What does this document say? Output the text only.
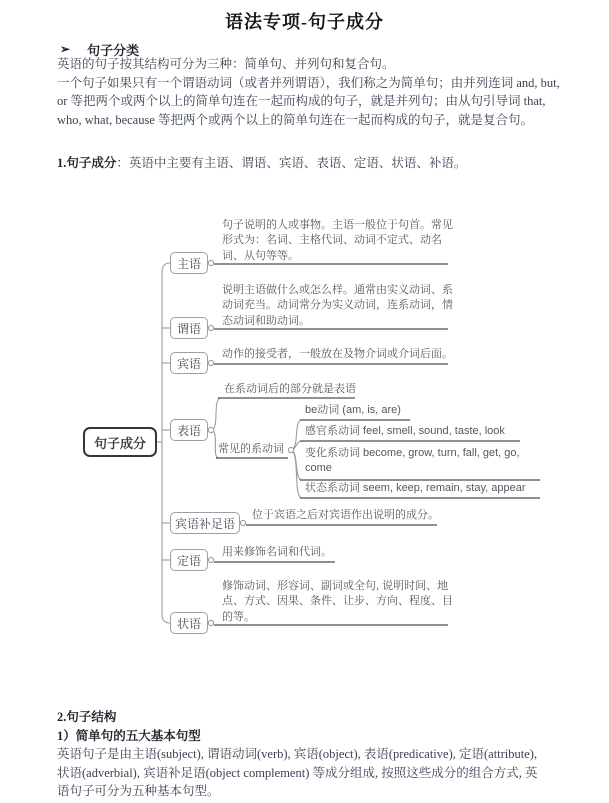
语法专项-句子成分
➢ 句子分类
英语的句子按其结构可分为三种：简单句、并列句和复合句。
一个句子如果只有一个谓语动词（或者并列谓语），我们称之为简单句；由并列连词 and, but,
or 等把两个或两个以上的简单句连在一起而构成的句子，就是并列句；由从句引导词 that,
who, what, because 等把两个或两个以上的简单句连在一起而构成的句子，就是复合句。
1.句子成分：英语中主要有主语、谓语、宾语、表语、定语、状语、补语。
句子成分
主语
谓语
宾语
表语
宾语补足语
定语
状语
句子说明的人或事物。主语一般位于句首。常见形式为：名词、主格代词、动词不定式、动名词、从句等等。
说明主语做什么或怎么样。通常由实义动词、系动词充当。动词常分为实义动词，连系动词，情态动词和助动词。
动作的接受者，一般放在及物介词或介词后面。
在系动词后的部分就是表语
常见的系动词
be动词 (am, is, are)
感官系动词 feel, smell, sound, taste, look
变化系动词 become, grow, turn, fall, get, go, come
状态系动词 seem, keep, remain, stay, appear
位于宾语之后对宾语作出说明的成分。
用来修饰名词和代词。
修饰动词、形容词、副词或全句, 说明时间、地点、方式、因果、条件、让步、方向、程度、目的等。
2.句子结构
1）简单句的五大基本句型
英语句子是由主语(subject), 谓语动词(verb), 宾语(object), 表语(predicative), 定语(attribute),
状语(adverbial), 宾语补足语(object complement) 等成分组成, 按照这些成分的组合方式, 英
语句子可分为五种基本句型。
